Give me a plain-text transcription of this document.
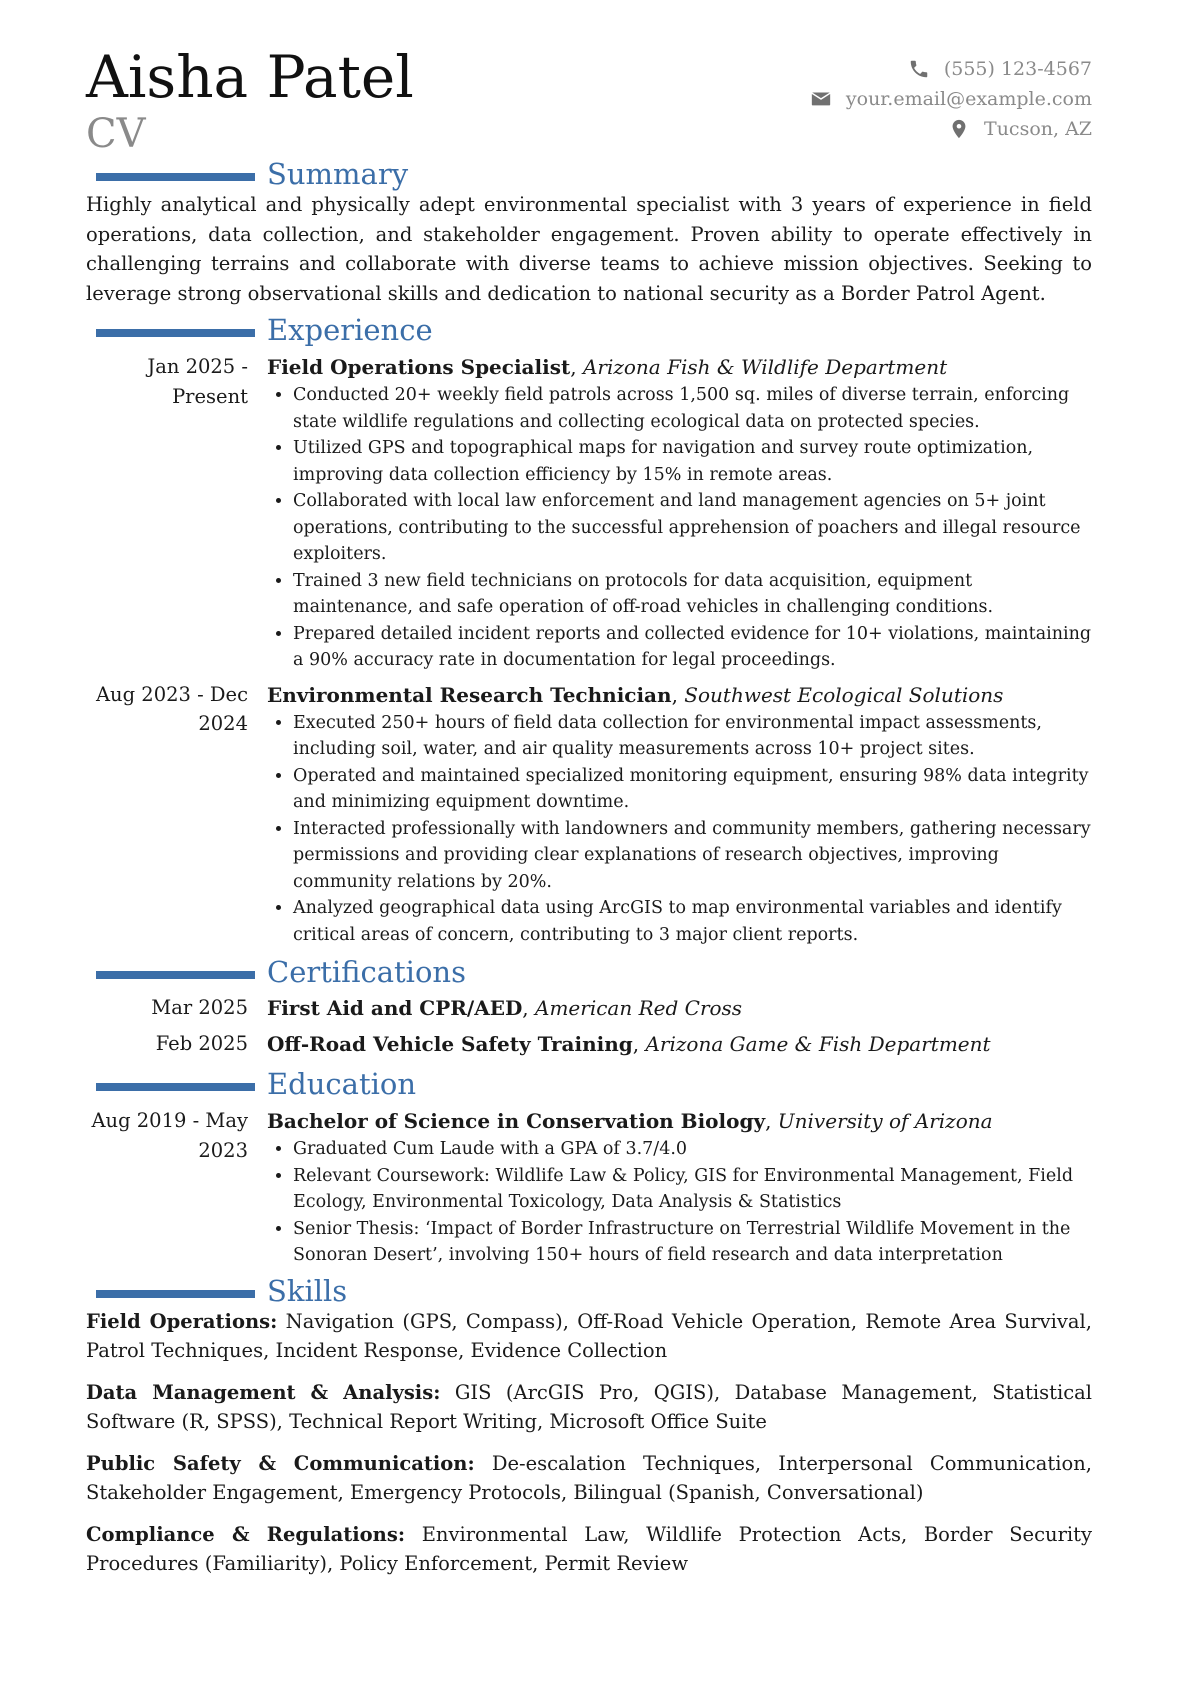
Aisha Patel
CV
(555) 123-4567
your.email@example.com
Tucson, AZ
Summary
Highly analytical and physically adept environmental specialist with 3 years of experience in field operations, data collection, and stakeholder engagement. Proven ability to operate effectively in challenging terrains and collaborate with diverse teams to achieve mission objectives. Seeking to leverage strong observational skills and dedication to national security as a Border Patrol Agent.
Experience
Jan 2025 - Present
Field Operations Specialist, Arizona Fish & Wildlife Department
• Conducted 20+ weekly field patrols across 1,500 sq. miles of diverse terrain, enforcing state wildlife regulations and collecting ecological data on protected species.
• Utilized GPS and topographical maps for navigation and survey route optimization, improving data collection efficiency by 15% in remote areas.
• Collaborated with local law enforcement and land management agencies on 5+ joint operations, contributing to the successful apprehension of poachers and illegal resource exploiters.
• Trained 3 new field technicians on protocols for data acquisition, equipment maintenance, and safe operation of off-road vehicles in challenging conditions.
• Prepared detailed incident reports and collected evidence for 10+ violations, maintaining a 90% accuracy rate in documentation for legal proceedings.
Aug 2023 - Dec 2024
Environmental Research Technician, Southwest Ecological Solutions
• Executed 250+ hours of field data collection for environmental impact assessments, including soil, water, and air quality measurements across 10+ project sites.
• Operated and maintained specialized monitoring equipment, ensuring 98% data integrity and minimizing equipment downtime.
• Interacted professionally with landowners and community members, gathering necessary permissions and providing clear explanations of research objectives, improving community relations by 20%.
• Analyzed geographical data using ArcGIS to map environmental variables and identify critical areas of concern, contributing to 3 major client reports.
Certifications
Mar 2025 First Aid and CPR/AED, American Red Cross
Feb 2025 Off-Road Vehicle Safety Training, Arizona Game & Fish Department
Education
Aug 2019 - May 2023
Bachelor of Science in Conservation Biology, University of Arizona
• Graduated Cum Laude with a GPA of 3.7/4.0
• Relevant Coursework: Wildlife Law & Policy, GIS for Environmental Management, Field Ecology, Environmental Toxicology, Data Analysis & Statistics
• Senior Thesis: ‘Impact of Border Infrastructure on Terrestrial Wildlife Movement in the Sonoran Desert’, involving 150+ hours of field research and data interpretation
Skills
Field Operations: Navigation (GPS, Compass), Off-Road Vehicle Operation, Remote Area Survival, Patrol Techniques, Incident Response, Evidence Collection
Data Management & Analysis: GIS (ArcGIS Pro, QGIS), Database Management, Statistical Software (R, SPSS), Technical Report Writing, Microsoft Office Suite
Public Safety & Communication: De-escalation Techniques, Interpersonal Communication, Stakeholder Engagement, Emergency Protocols, Bilingual (Spanish, Conversational)
Compliance & Regulations: Environmental Law, Wildlife Protection Acts, Border Security Procedures (Familiarity), Policy Enforcement, Permit Review
